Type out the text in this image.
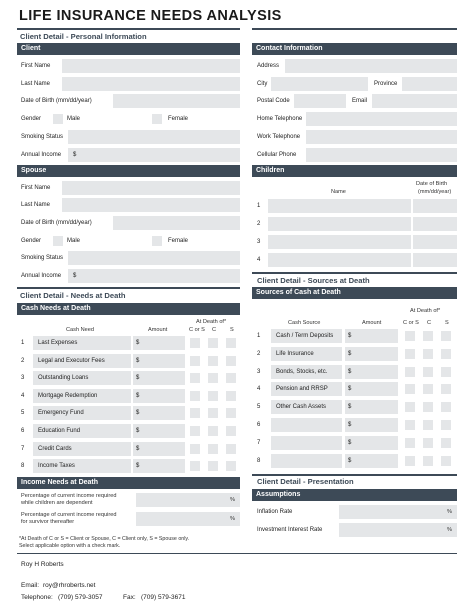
LIFE INSURANCE NEEDS ANALYSIS
Client Detail - Personal Information
Client
First Name
Last Name
Date of Birth (mm/dd/year)
Gender	Male	Female
Smoking Status
Annual Income $
Contact Information
Address
City	Province
Postal Code	Email
Home Telephone
Work Telephone
Cellular Phone
Spouse
First Name
Last Name
Date of Birth (mm/dd/year)
Gender	Male	Female
Smoking Status
Annual Income $
Children
Name
Date of Birth
(mm/dd/year)
1
2
3
4
Client Detail - Needs at Death
Cash Needs at Death
At Death of*
Cash Need	Amount	C or S C S
1 Last Expenses	$
2 Legal and Executor Fees	$
3 Outstanding Loans	$
4 Mortgage Redemption	$
5 Emergency Fund	$
6 Education Fund	$
7 Credit Cards	$
8 Income Taxes	$
Client Detail - Sources at Death
Sources of Cash at Death
At Death of*
Cash Source	Amount	C or S C S
1	Cash / Term Deposits $
2	Life Insurance	$
3	Bonds, Stocks, etc.	$
4	Pension and RRSP	$
5	Other Cash Assets	$
6	$
7	$
8	$
Income Needs at Death
Percentage of current income required
while children are dependent	%
Percentage of current income required
for survivor thereafter	%
Client Detail - Presentation
Assumptions
Inflation Rate	%
Investment Interest Rate	%
*At Death of C or S = Client or Spouse, C = Client only, S = Spouse only.
Select applicable option with a check mark.
Roy H Roberts
Email: roy@rhroberts.net
Telephone: (709) 579-3057	Fax: (709) 579-3671
